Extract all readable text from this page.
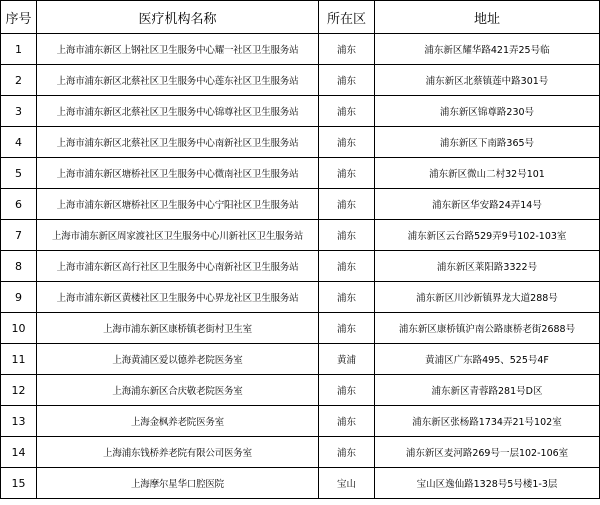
序号	医疗机构名称	所在区	地址
1	上海市浦东新区上钢社区卫生服务中心耀一社区卫生服务站	浦东	浦东新区耀华路421弄25号临
2	上海市浦东新区北蔡社区卫生服务中心莲东社区卫生服务站	浦东	浦东新区北蔡镇莲中路301号
3	上海市浦东新区北蔡社区卫生服务中心锦尊社区卫生服务站	浦东	浦东新区锦尊路230号
4	上海市浦东新区北蔡社区卫生服务中心南新社区卫生服务站	浦东	浦东新区下南路365号
5	上海市浦东新区塘桥社区卫生服务中心微南社区卫生服务站	浦东	浦东新区微山二村32号101
6	上海市浦东新区塘桥社区卫生服务中心宁阳社区卫生服务站	浦东	浦东新区华安路24弄14号
7	上海市浦东新区周家渡社区卫生服务中心川新社区卫生服务站	浦东	浦东新区云台路529弄9号102-103室
8	上海市浦东新区高行社区卫生服务中心南新社区卫生服务站	浦东	浦东新区莱阳路3322号
9	上海市浦东新区黄楼社区卫生服务中心界龙社区卫生服务站	浦东	浦东新区川沙新镇界龙大道288号
10	上海市浦东新区康桥镇老街村卫生室	浦东	浦东新区康桥镇沪南公路康桥老街2688号
11	上海黄浦区爱以德养老院医务室	黄浦	黄浦区广东路495、525号4F
12	上海浦东新区合庆敬老院医务室	浦东	浦东新区青蓉路281号D区
13	上海金枫养老院医务室	浦东	浦东新区张杨路1734弄21号102室
14	上海浦东钱桥养老院有限公司医务室	浦东	浦东新区麦河路269号一层102-106室
15	上海摩尔星华口腔医院	宝山	宝山区逸仙路1328号5号楼1-3层
